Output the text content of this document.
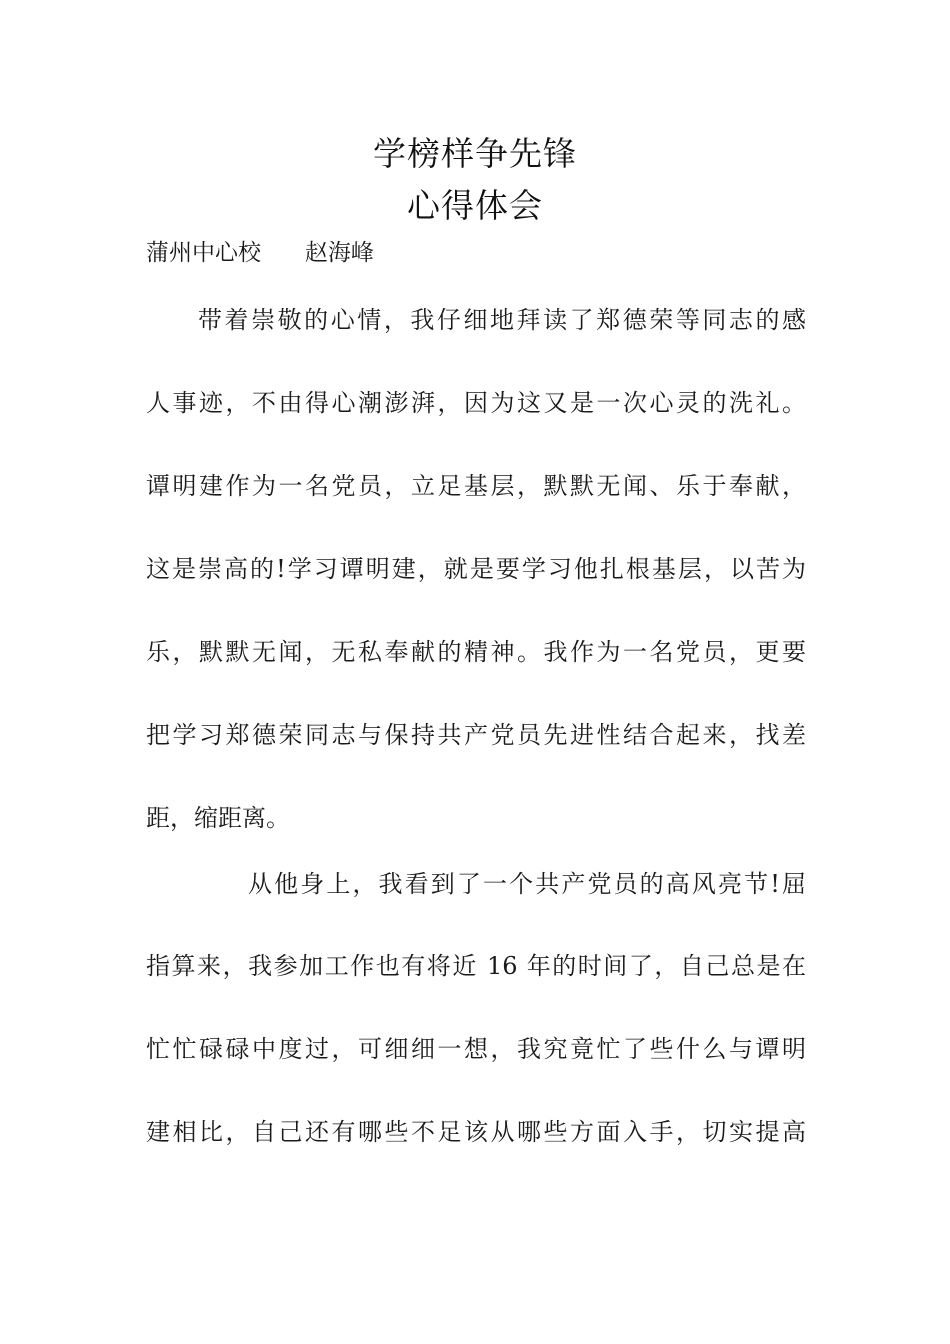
学榜样争先锋
心得体会
蒲州中心校      赵海峰
带着崇敬的心情，我仔细地拜读了郑德荣等同志的感
人事迹，不由得心潮澎湃，因为这又是一次心灵的洗礼。
谭明建作为一名党员，立足基层，默默无闻、乐于奉献，
这是崇高的!学习谭明建，就是要学习他扎根基层，以苦为
乐，默默无闻，无私奉献的精神。我作为一名党员，更要
把学习郑德荣同志与保持共产党员先进性结合起来，找差
距，缩距离。
从他身上，我看到了一个共产党员的高风亮节!屈
指算来，我参加工作也有将近 16 年的时间了，自己总是在
忙忙碌碌中度过，可细细一想，我究竟忙了些什么与谭明
建相比，自己还有哪些不足该从哪些方面入手，切实提高
